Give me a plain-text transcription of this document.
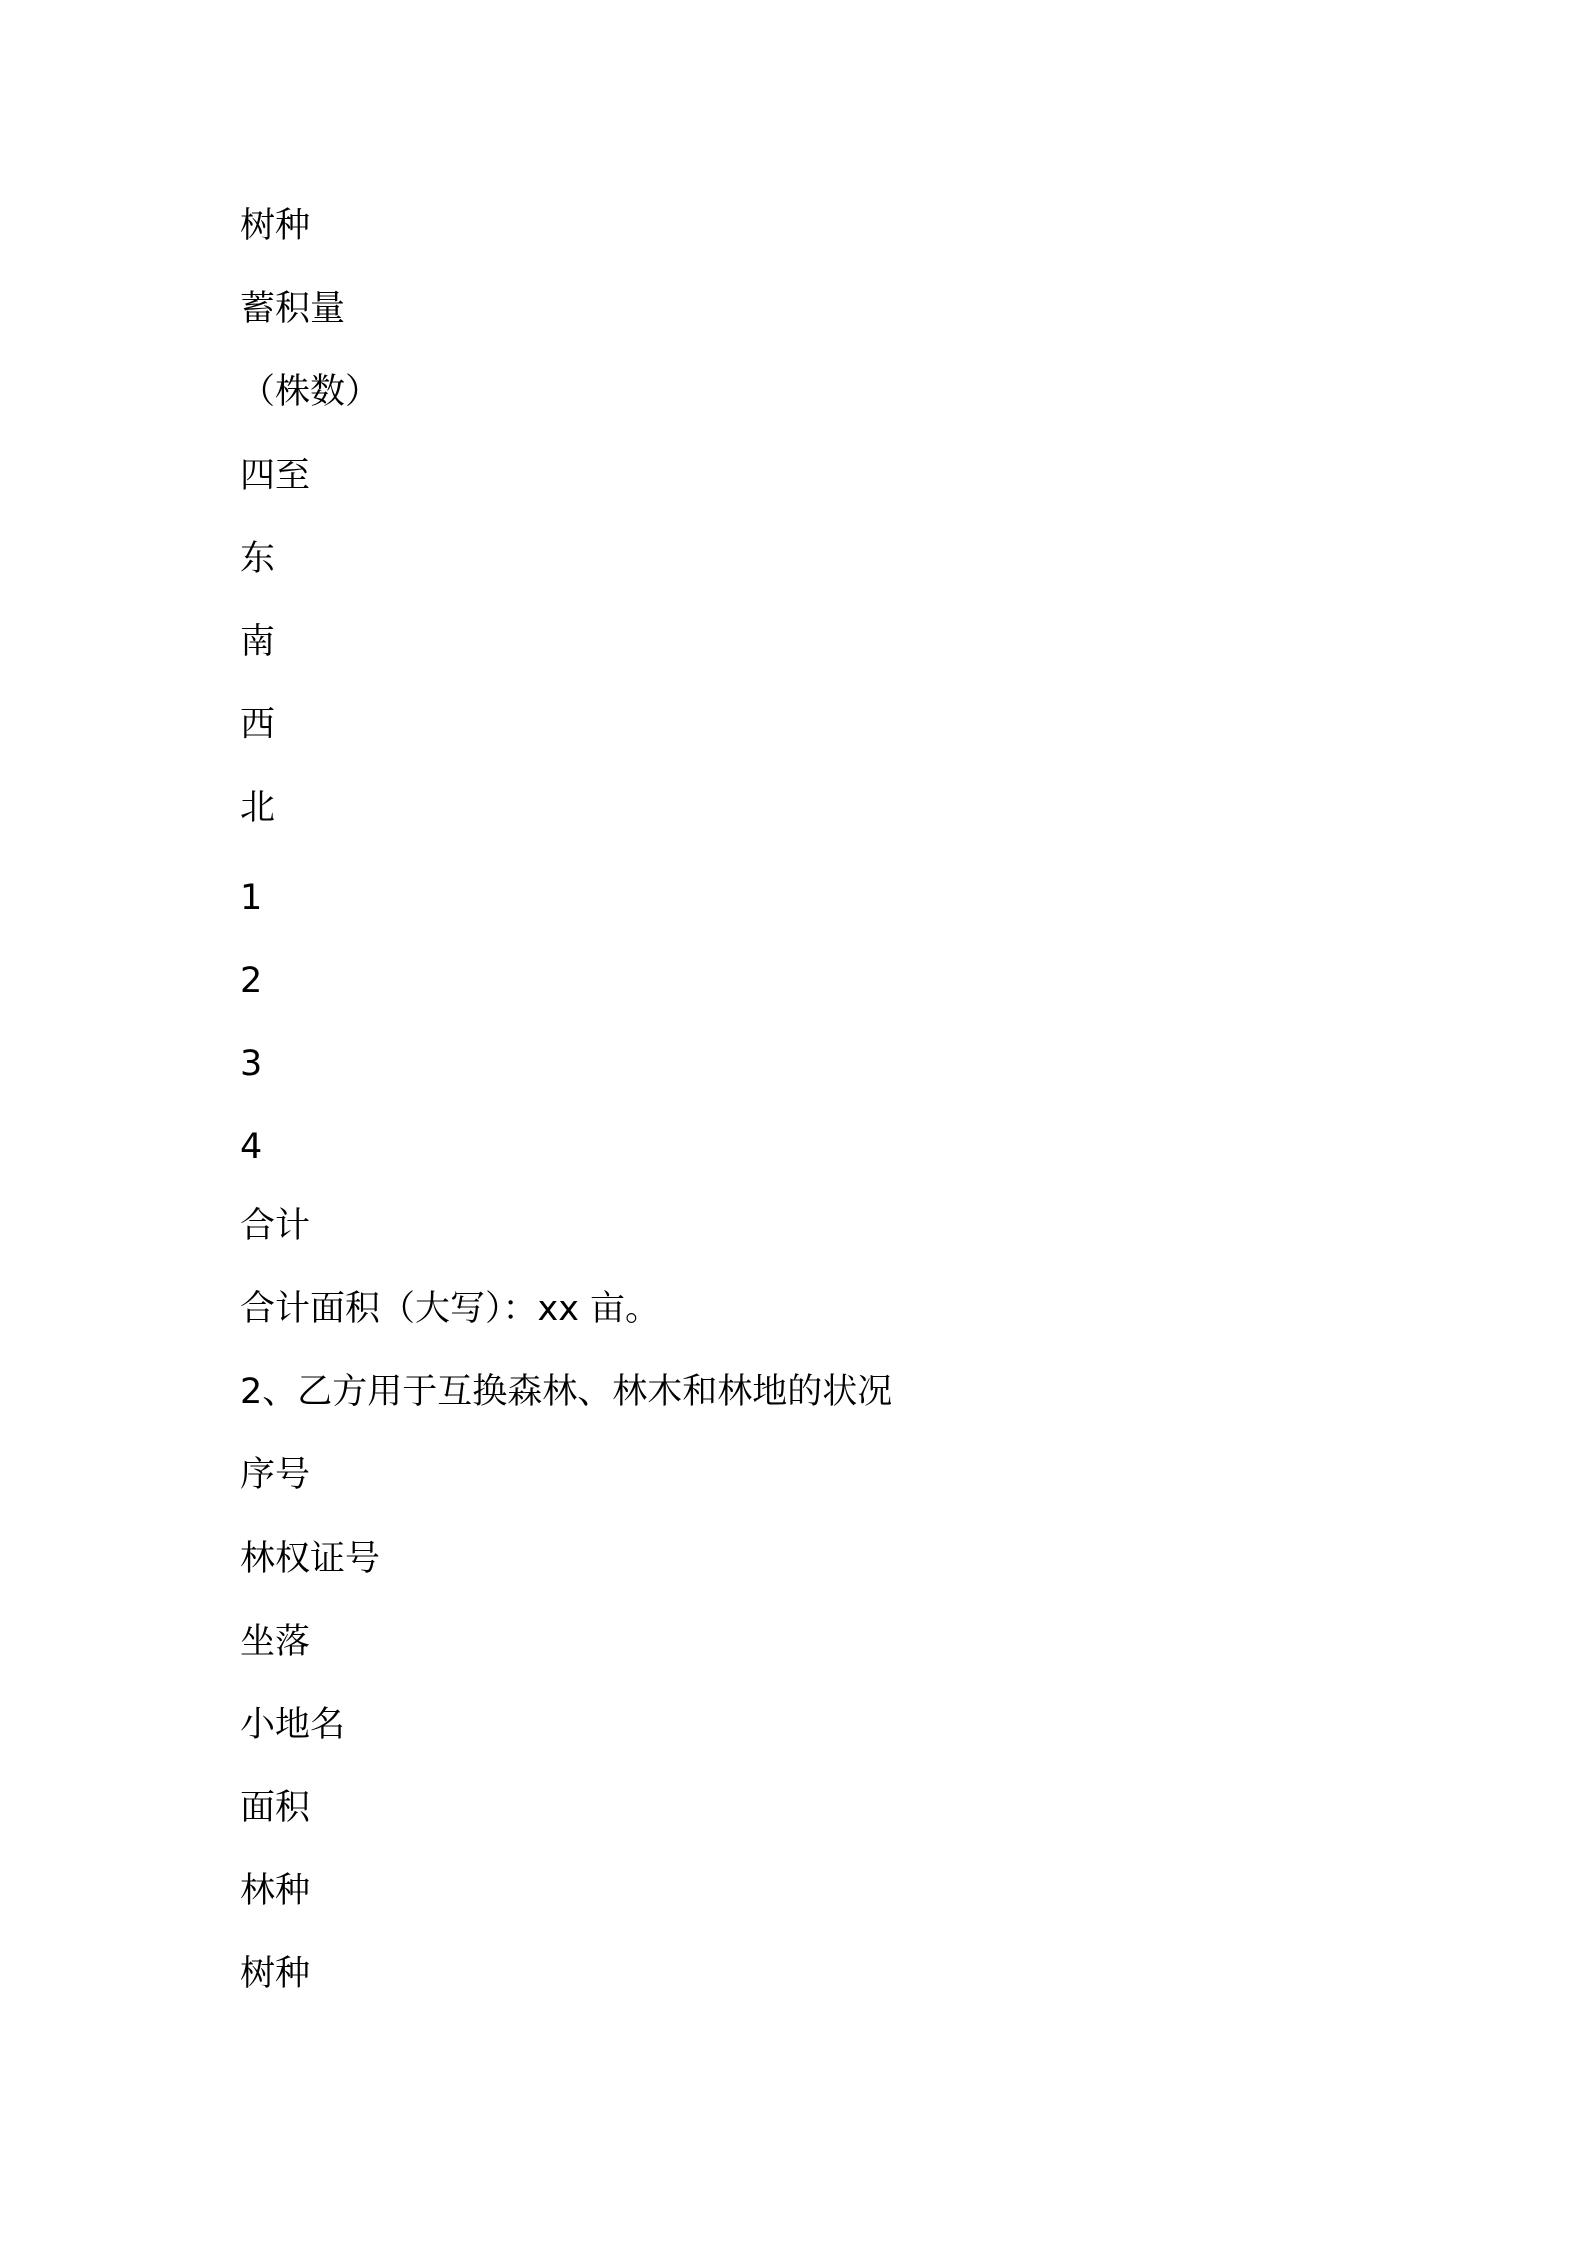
树种
蓄积量
（株数）
四至
东
南
西
北
1
2
3
4
合计
合计面积（大写）：xx 亩。
2、乙方用于互换森林、林木和林地的状况
序号
林权证号
坐落
小地名
面积
林种
树种
